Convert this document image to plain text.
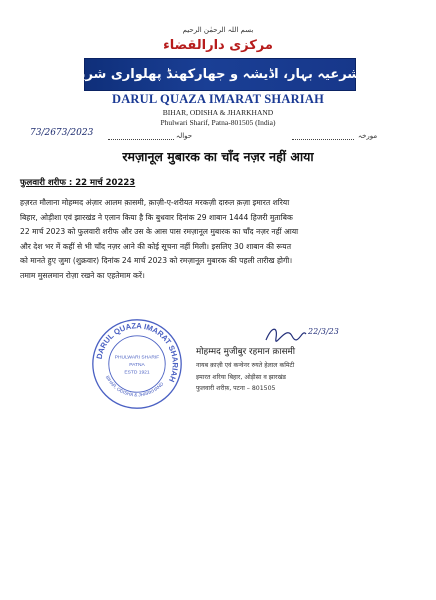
بسم اللہ الرحمٰن الرحیم
مرکزی دارالقضاء
امارت شرعیہ بہار، اڈیشہ و جھارکھنڈ پھلواری شریف پٹنہ
DARUL QUAZA IMARAT SHARIAH
BIHAR, ODISHA & JHARKHAND
Phulwari Sharif, Patna-801505 (India)
73/2673/2023	حوالہ	مورخہ
रमज़ानूल मुबारक का चाँद नज़र नहीं आया
फुलवारी शरीफ : 22 मार्च 20223
हज़रत मौलाना मोहम्मद अंज़ार आलम क़ासमी, क़ाज़ी-ए-शरीयत मरकज़ी दारुल क़ज़ा इमारत शरिया
बिहार, ओड़ीशा एवं झारखंड ने एलान किया है कि बुधवार दिनांक 29 शाबान 1444 हिजरी मुताबिक
22 मार्च 2023 को फुलवारी शरीफ और उस के आस पास रमज़ानूल मुबारक का चाँद नज़र नहीं आया
और देश भर में कहीं से भी चाँद नज़र आने की कोई सूचना नहीं मिली। इसलिए 30 शाबान की रूयत
को मानते हुए जुमा (शुक्रवार) दिनांक 24 मार्च 2023 को रमज़ानूल मुबारक की पहली तारीख होगी।
तमाम मुसलमान रोज़ा रखने का एहतेमाम करें।
DARUL QUAZA IMARAT SHARIAH
BIHAR, ODISHA & JHARKHAND
PHULWARI SHARIF
PATNA
ESTD 1921
22/3/23
मोहम्मद मुजीबुर रहमान क़ासमी
नायब क़ाज़ी एवं कन्वेनर रुयते हेलाल कमिटी
इमारत शरिया बिहार, ओड़ीसा व झारखंड
फुलवारी शरीफ़, पटना – 801505
